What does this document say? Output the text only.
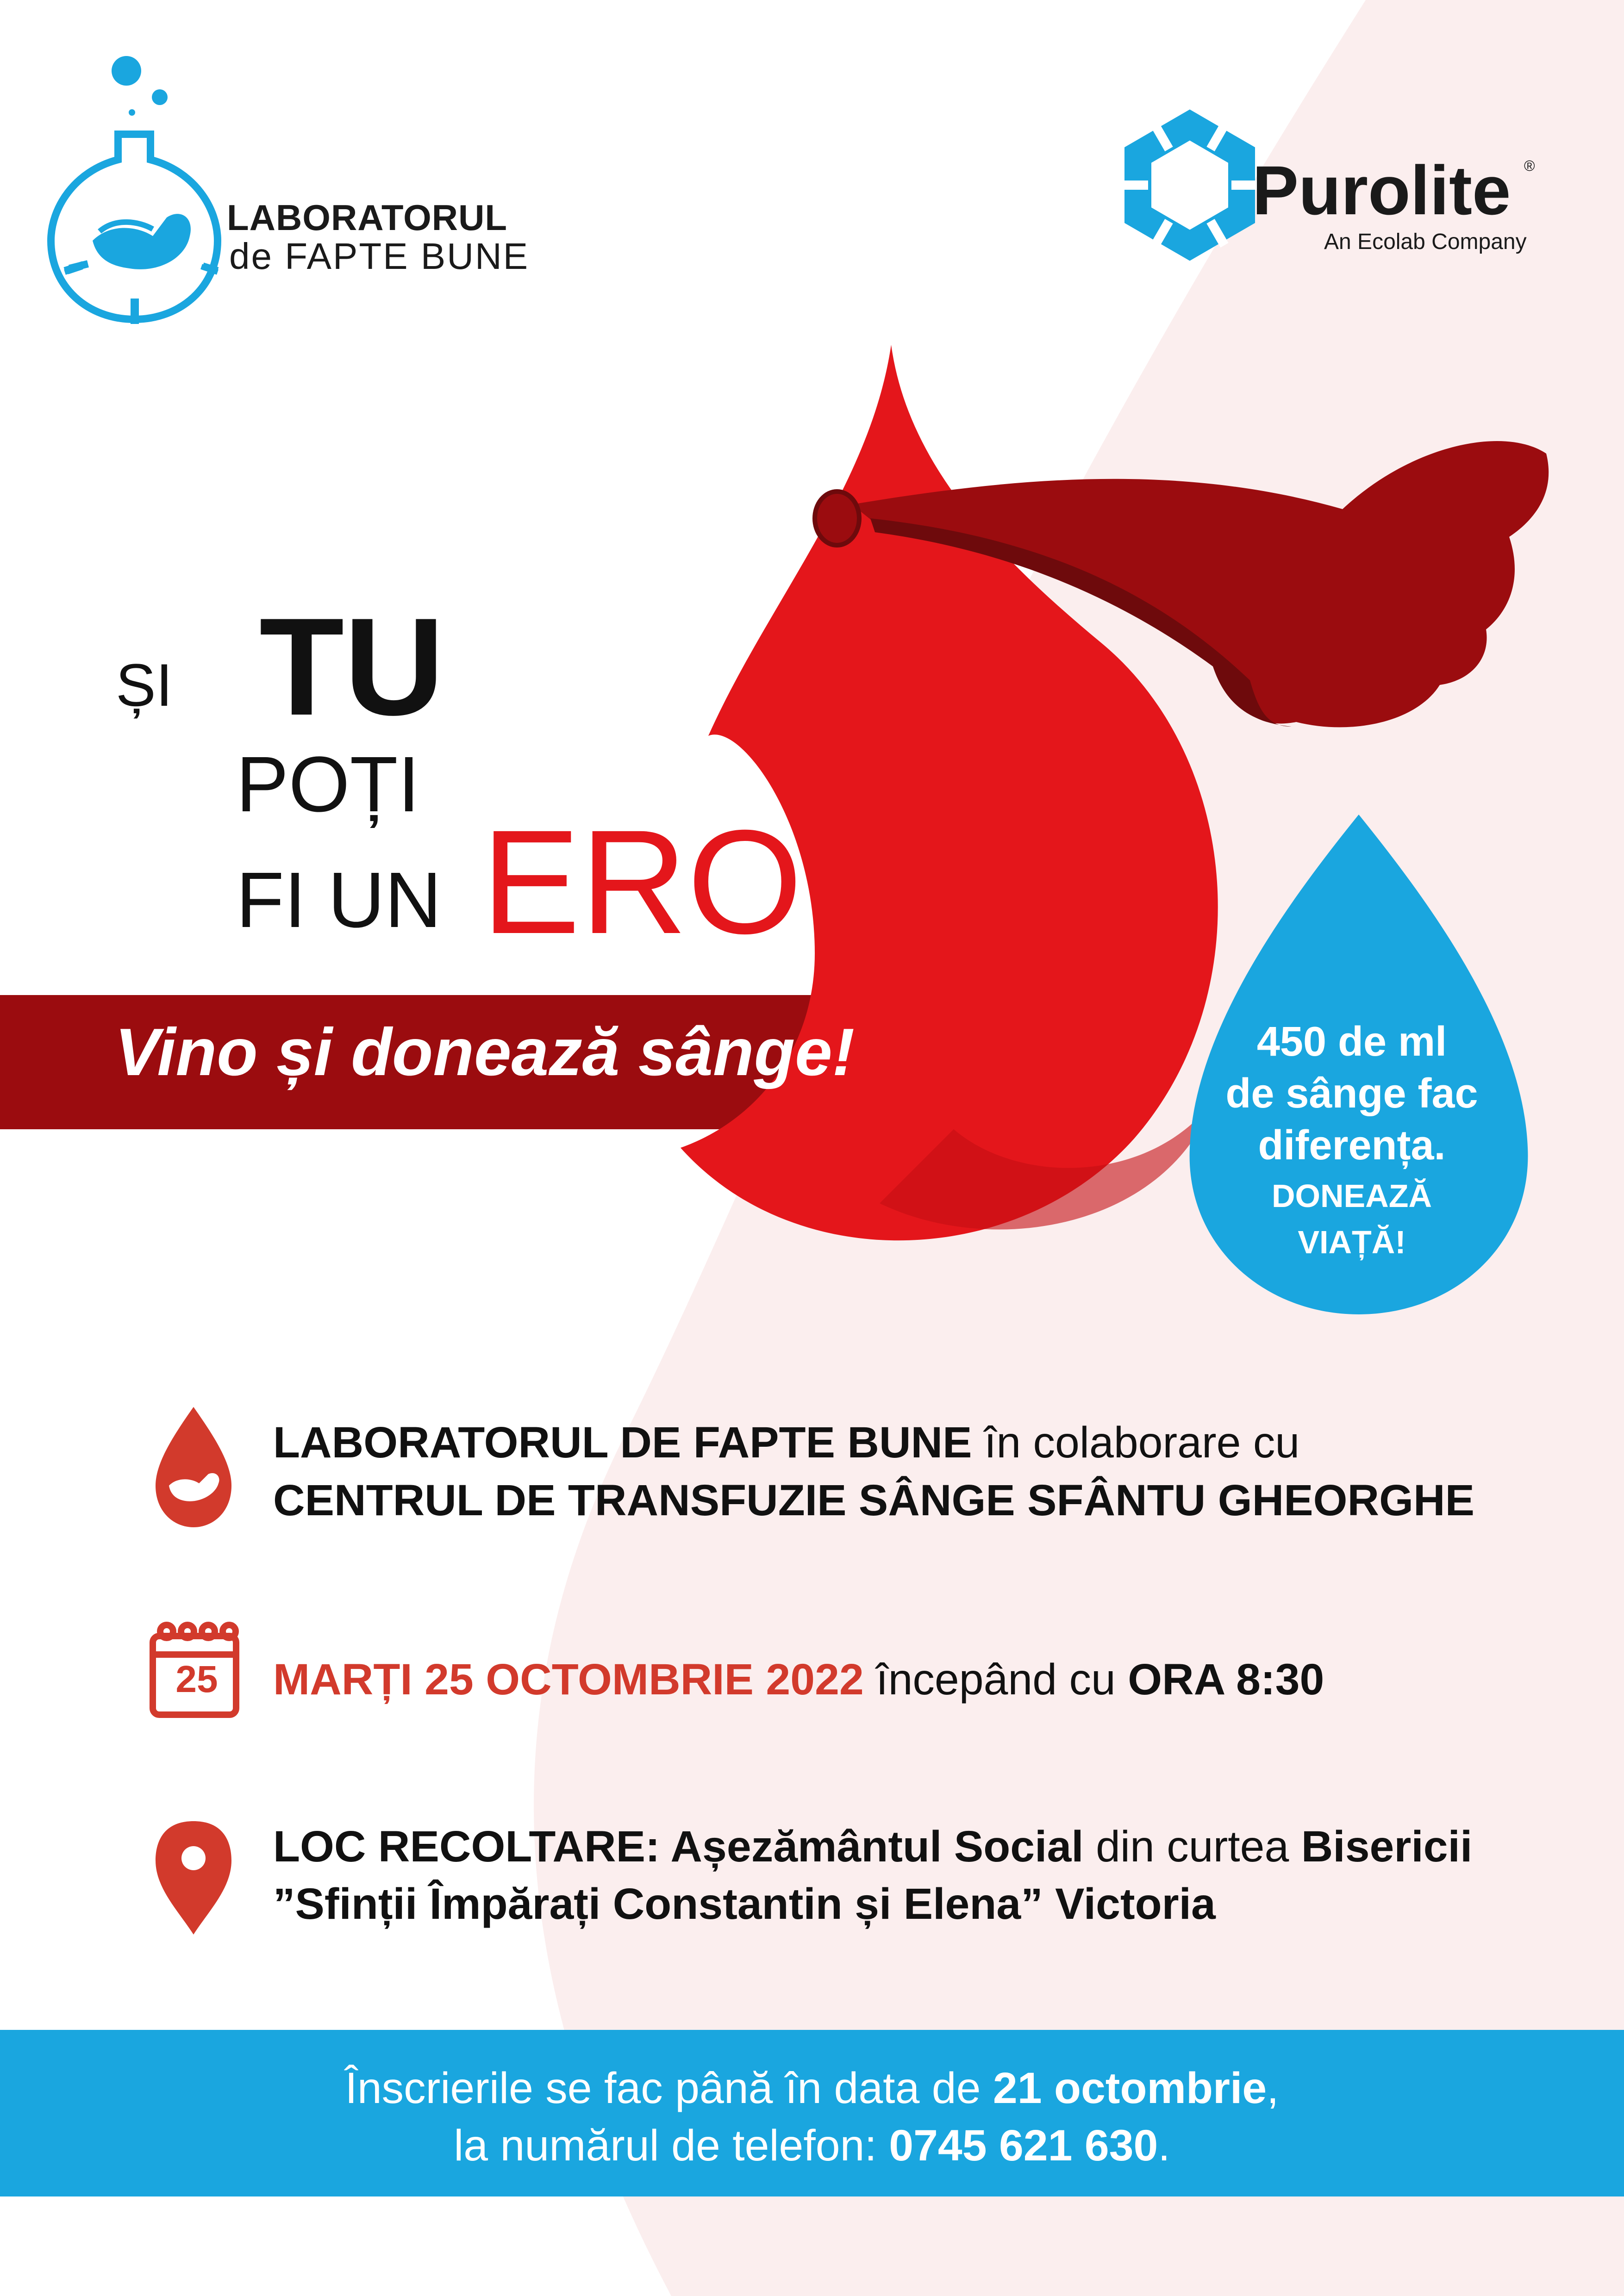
LABORATORUL
de FAPTE BUNE
Purolite ®
An Ecolab Company
ȘI TU
POȚI
FI UN EROU
Vino și donează sânge!	450 de ml
de sânge fac
diferența.
DONEAZĂ
VIAȚĂ!
LABORATORUL DE FAPTE BUNE în colaborare cu
CENTRUL DE TRANSFUZIE SÂNGE SFÂNTU GHEORGHE
25 MARȚI 25 OCTOMBRIE 2022 începând cu ORA 8:30
LOC RECOLTARE: Așezământul Social din curtea Bisericii
”Sfinții Împărați Constantin și Elena” Victoria
Înscrierile se fac până în data de 21 octombrie,
la numărul de telefon: 0745 621 630.
